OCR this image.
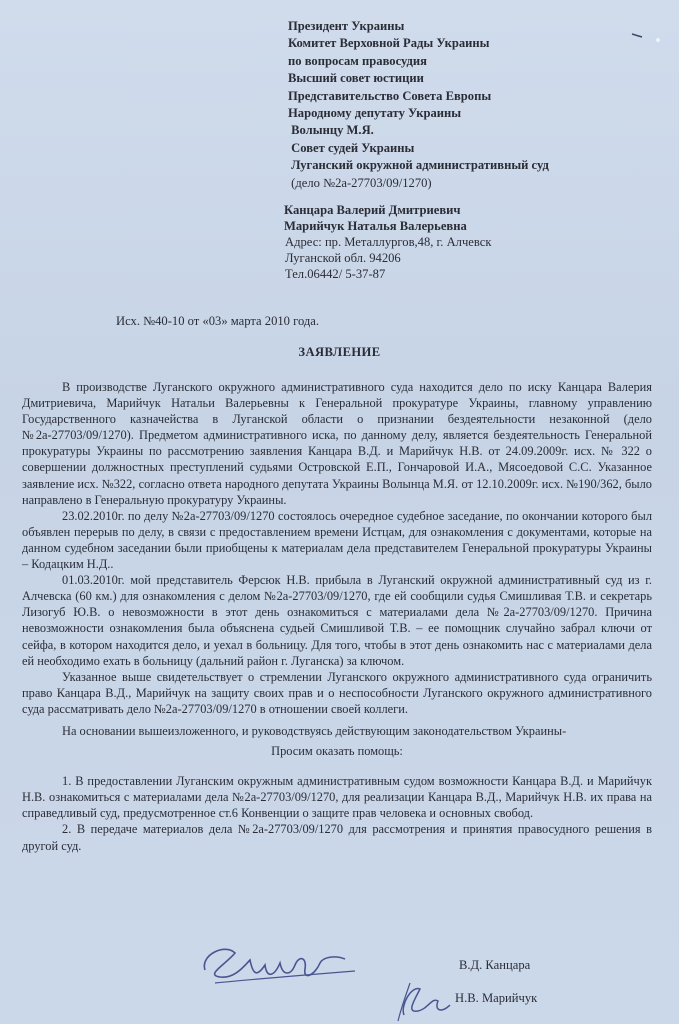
Президент Украины
Комитет Верховной Рады Украины
по вопросам правосудия
Высший совет юстиции
Представительство Совета Европы
Народному депутату Украины
Волынцу М.Я.
Совет судей Украины
Луганский окружной административный суд
(дело №2а-27703/09/1270)
Канцара Валерий Дмитриевич
Марийчук Наталья Валерьевна
Адрес: пр. Металлургов,48, г. Алчевск
Луганской обл. 94206
Тел.06442/ 5-37-87
Исх. №40-10 от «03» марта 2010 года.
ЗАЯВЛЕНИЕ

В производстве Луганского окружного административного суда находится дело по иску Канцара Валерия Дмитриевича, Марийчук Натальи Валерьевны к Генеральной прокуратуре Украины, главному управлению Государственного казначейства в Луганской области о признании бездеятельности незаконной (дело №2а-27703/09/1270). Предметом административного иска, по данному делу, является бездеятельность Генеральной прокуратуры Украины по рассмотрению заявления Канцара В.Д. и Марийчук Н.В. от 24.09.2009г. исх. № 322 о совершении должностных преступлений судьями Островской Е.П., Гончаровой И.А., Мясоедовой С.С. Указанное заявление исх. №322, согласно ответа народного депутата Украины Волынца М.Я. от 12.10.2009г. исх. №190/362, было направлено в Генеральную прокуратуру Украины.

23.02.2010г. по делу №2а-27703/09/1270 состоялось очередное судебное заседание, по окончании которого был объявлен перерыв по делу, в связи с предоставлением времени Истцам, для ознакомления с документами, которые на данном судебном заседании были приобщены к материалам дела представителем Генеральной прокуратуры Украины – Кодацким Н.Д..

01.03.2010г. мой представитель Ферсюк Н.В. прибыла в Луганский окружной административный суд из г. Алчевска (60 км.) для ознакомления с делом №2а-27703/09/1270, где ей сообщили судья Смишливая Т.В. и секретарь Лизогуб Ю.В. о невозможности в этот день ознакомиться с материалами дела №2а-27703/09/1270. Причина невозможности ознакомления была объяснена судьей Смишливой Т.В. – ее помощник случайно забрал ключи от сейфа, в котором находится дело, и уехал в больницу. Для того, чтобы в этот день ознакомить нас с материалами дела ей необходимо ехать в больницу (дальний район г. Луганска) за ключом.

Указанное выше свидетельствует о стремлении Луганского окружного административного суда ограничить право Канцара В.Д., Марийчук на защиту своих прав и о неспособности Луганского окружного административного суда рассматривать дело №2а-27703/09/1270 в отношении своей коллеги.

На основании вышеизложенного, и руководствуясь действующим законодательством Украины-

Просим оказать помощь:

1. В предоставлении Луганским окружным административным судом возможности Канцара В.Д. и Марийчук Н.В. ознакомиться с материалами дела №2а-27703/09/1270, для реализации Канцара В.Д., Марийчук Н.В. их права на справедливый суд, предусмотренное ст.6 Конвенции о защите прав человека и основных свобод.

2. В передаче материалов дела №2а-27703/09/1270 для рассмотрения и принятия правосудного решения в другой суд.

В.Д. Канцара
Н.В. Марийчук
